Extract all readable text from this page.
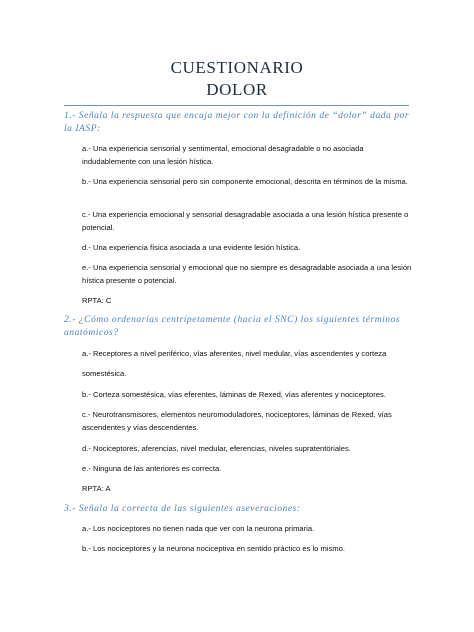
CUESTIONARIO
DOLOR
1.- Señala la respuesta que encaja mejor con la definición de “dolor” dada por la IASP:
a.- Una experiencia sensorial y sentimental, emocional desagradable o no asociada indudablemente con una lesión hística.
b.- Una experiencia sensorial pero sin componente emocional, descrita en términos de la misma.
c.- Una experiencia emocional y sensorial desagradable asociada a una lesión hística presente o potencial.
d.- Una experiencia física asociada a una evidente lesión hística.
e.- Una experiencia sensorial y emocional que no siempre es desagradable asociada a una lesión hística presente o potencial.
RPTA: C
2.- ¿Cómo ordenarías centrípetamente (hacia el SNC) los siguientes términos anatómicos?
a.- Receptores a nivel periférico, vías aferentes, nivel medular, vías ascendentes y corteza
somestésica.
b.- Corteza somestésica, vías eferentes, láminas de Rexed, vías aferentes y nociceptores.
c.- Neurotransmisores, elementos neuromoduladores, nociceptores, láminas de Rexed, vías ascendentes y vías descendentes.
d.- Nociceptores, aferencias, nivel medular, eferencias, niveles supratentoriales.
e.- Ninguna de las anteriores es correcta.
RPTA: A
3.- Señala la correcta de las siguientes aseveraciones:
a.- Los nociceptores no tienen nada que ver con la neurona primaria.
b.- Los nociceptores y la neurona nociceptiva en sentido práctico es lo mismo.
